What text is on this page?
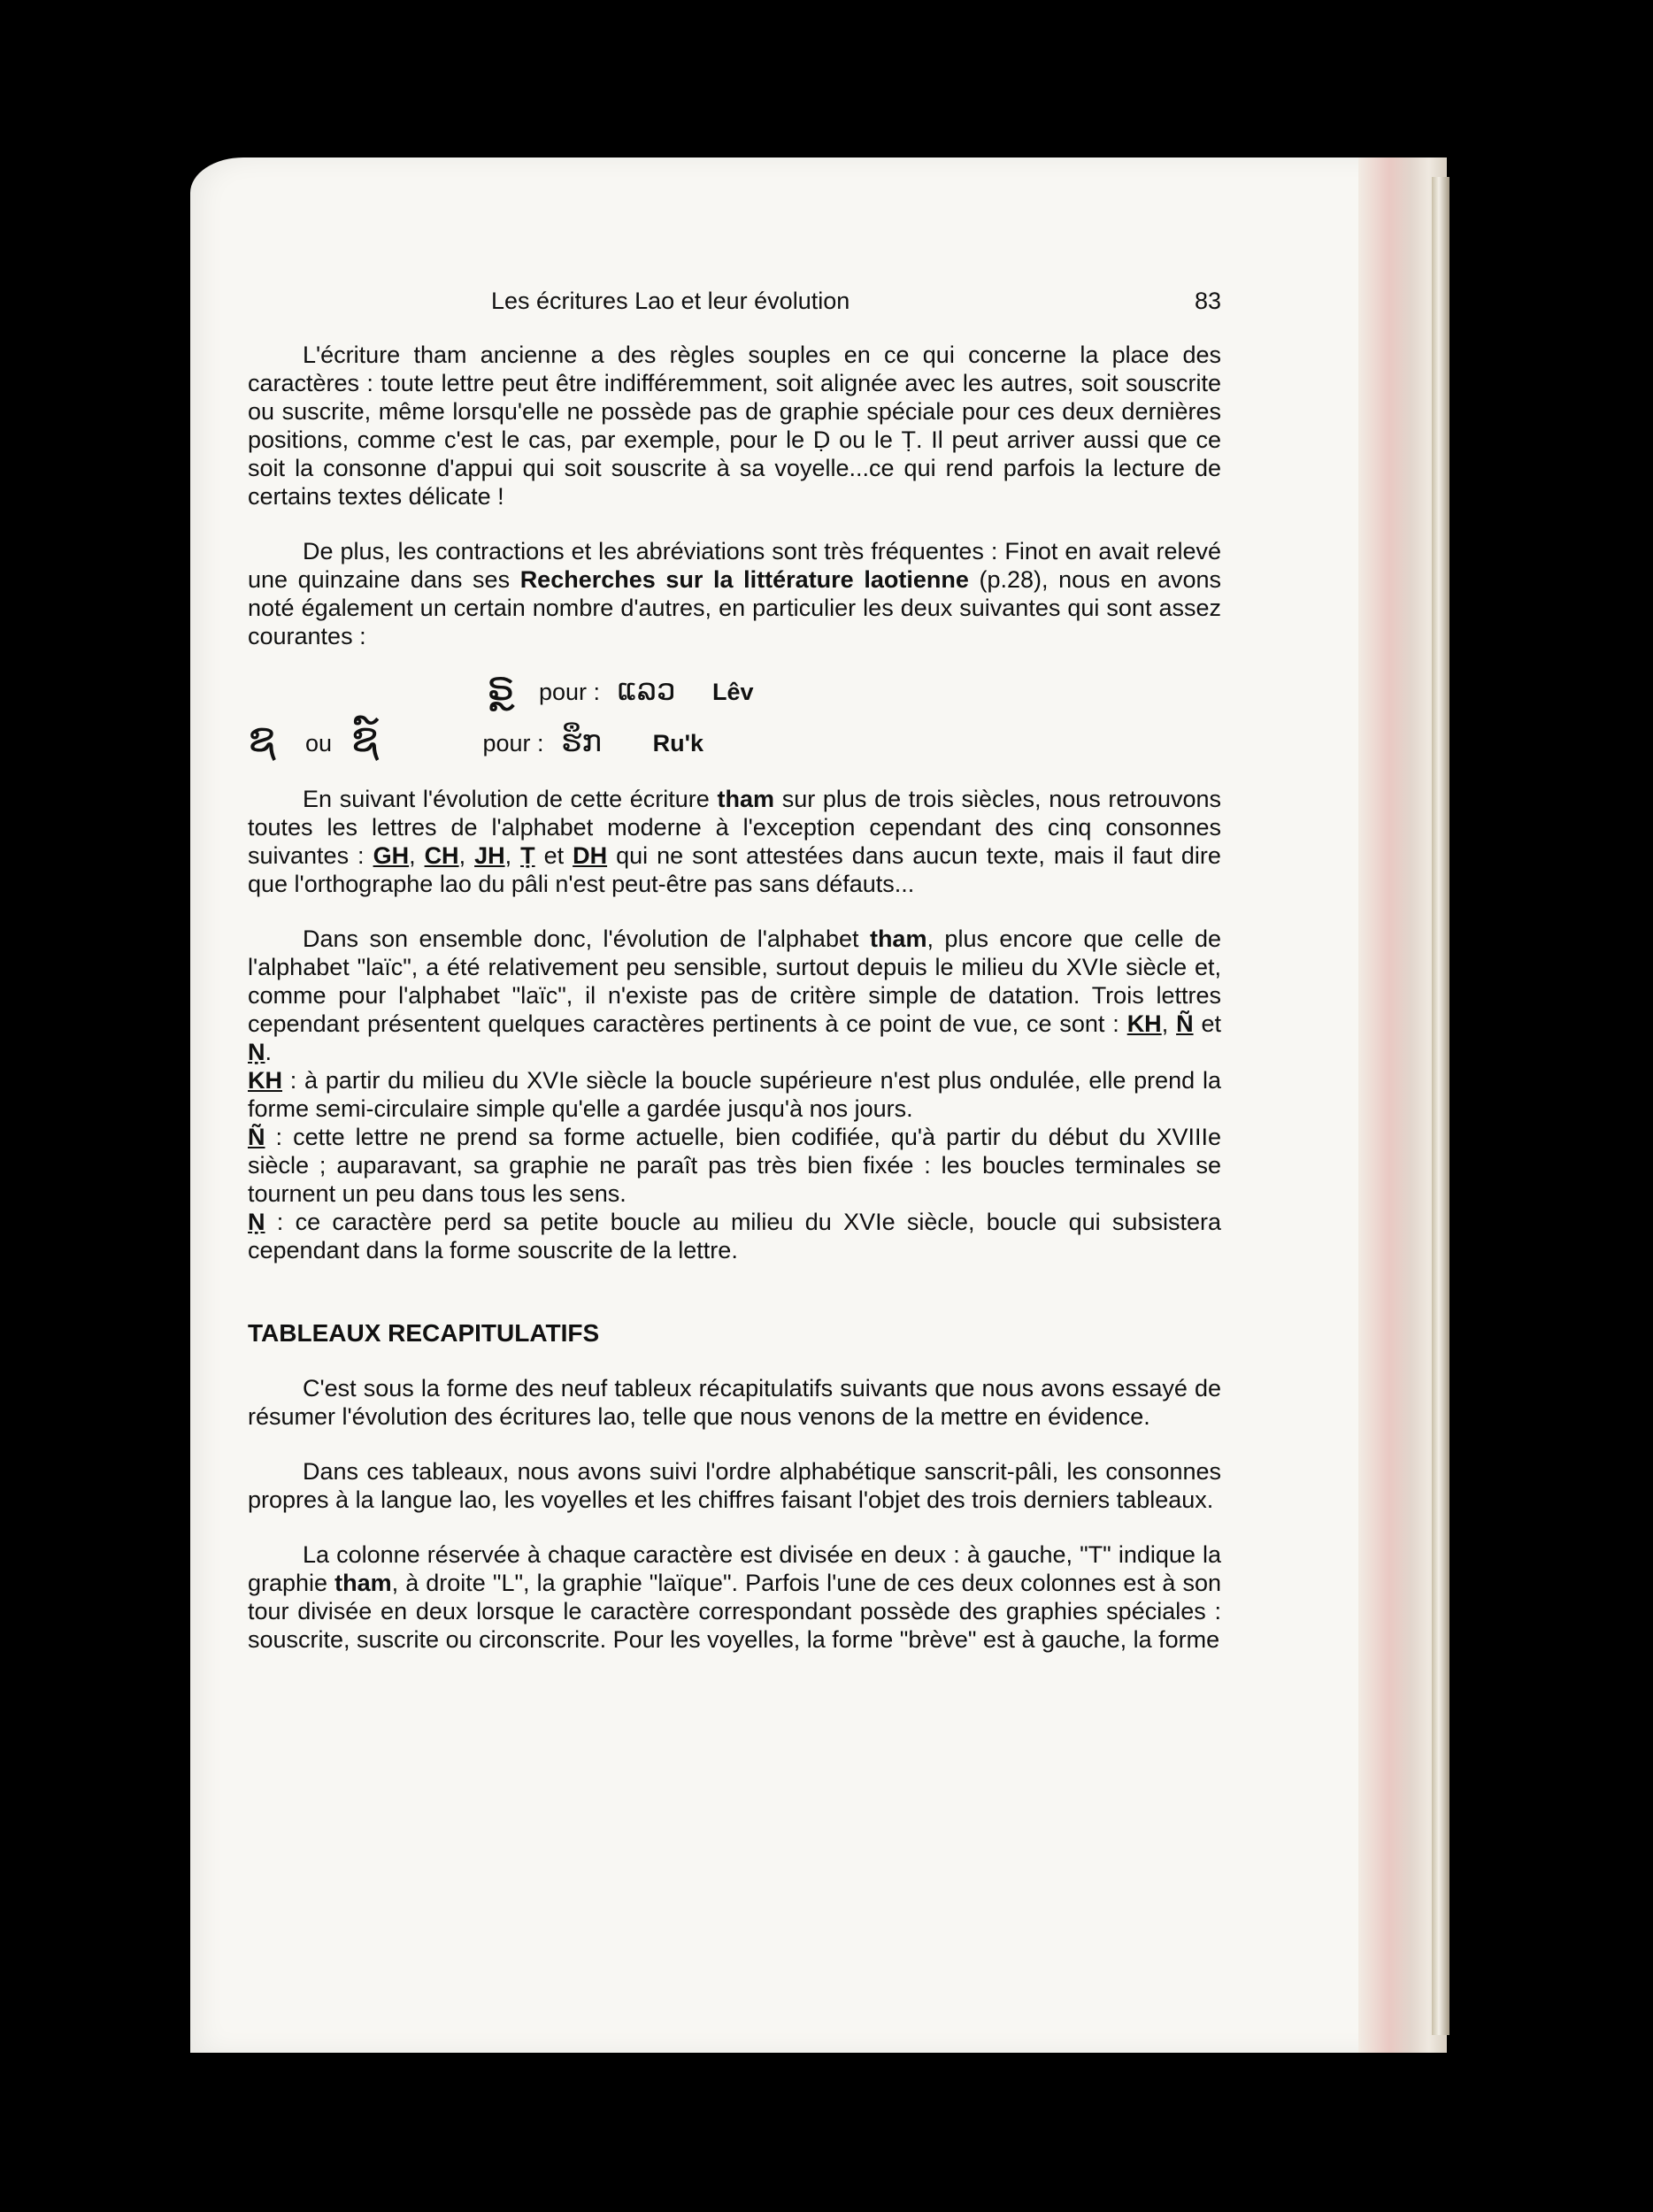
Les écritures Lao et leur évolution	83

L'écriture tham ancienne a des règles souples en ce qui concerne la place des caractères : toute lettre peut être indifféremment, soit alignée avec les autres, soit souscrite ou suscrite, même lorsqu'elle ne possède pas de graphie spéciale pour ces deux dernières positions, comme c'est le cas, par exemple, pour le Ḍ ou le Ṭ. Il peut arriver aussi que ce soit la consonne d'appui qui soit souscrite à sa voyelle...ce qui rend parfois la lecture de certains textes délicate !

De plus, les contractions et les abréviations sont très fréquentes : Finot en avait relevé une quinzaine dans ses Recherches sur la littérature laotienne (p.28), nous en avons noté également un certain nombre d'autres, en particulier les deux suivantes qui sont assez courantes :

ຣຼ pour : ແລວ Lêv
ຊ ou ຊ໌	pour : ຮຶກ Ru'k

En suivant l'évolution de cette écriture tham sur plus de trois siècles, nous retrouvons toutes les lettres de l'alphabet moderne à l'exception cependant des cinq consonnes suivantes : GH, CH, JH, Ṭ et DH qui ne sont attestées dans aucun texte, mais il faut dire que l'orthographe lao du pâli n'est peut-être pas sans défauts...

Dans son ensemble donc, l'évolution de l'alphabet tham, plus encore que celle de l'alphabet "laïc", a été relativement peu sensible, surtout depuis le milieu du XVIe siècle et, comme pour l'alphabet "laïc", il n'existe pas de critère simple de datation. Trois lettres cependant présentent quelques caractères pertinents à ce point de vue, ce sont : KH, Ñ et Ṇ.

KH : à partir du milieu du XVIe siècle la boucle supérieure n'est plus ondulée, elle prend la forme semi-circulaire simple qu'elle a gardée jusqu'à nos jours.

Ñ : cette lettre ne prend sa forme actuelle, bien codifiée, qu'à partir du début du XVIIIe siècle ; auparavant, sa graphie ne paraît pas très bien fixée : les boucles terminales se tournent un peu dans tous les sens.

Ṇ : ce caractère perd sa petite boucle au milieu du XVIe siècle, boucle qui subsistera cependant dans la forme souscrite de la lettre.

TABLEAUX RECAPITULATIFS

C'est sous la forme des neuf tableux récapitulatifs suivants que nous avons essayé de résumer l'évolution des écritures lao, telle que nous venons de la mettre en évidence.

Dans ces tableaux, nous avons suivi l'ordre alphabétique sanscrit-pâli, les consonnes propres à la langue lao, les voyelles et les chiffres faisant l'objet des trois derniers tableaux.

La colonne réservée à chaque caractère est divisée en deux : à gauche, "T" indique la graphie tham, à droite "L", la graphie "laïque". Parfois l'une de ces deux colonnes est à son tour divisée en deux lorsque le caractère correspondant possède des graphies spéciales : souscrite, suscrite ou circonscrite. Pour les voyelles, la forme "brève" est à gauche, la forme
